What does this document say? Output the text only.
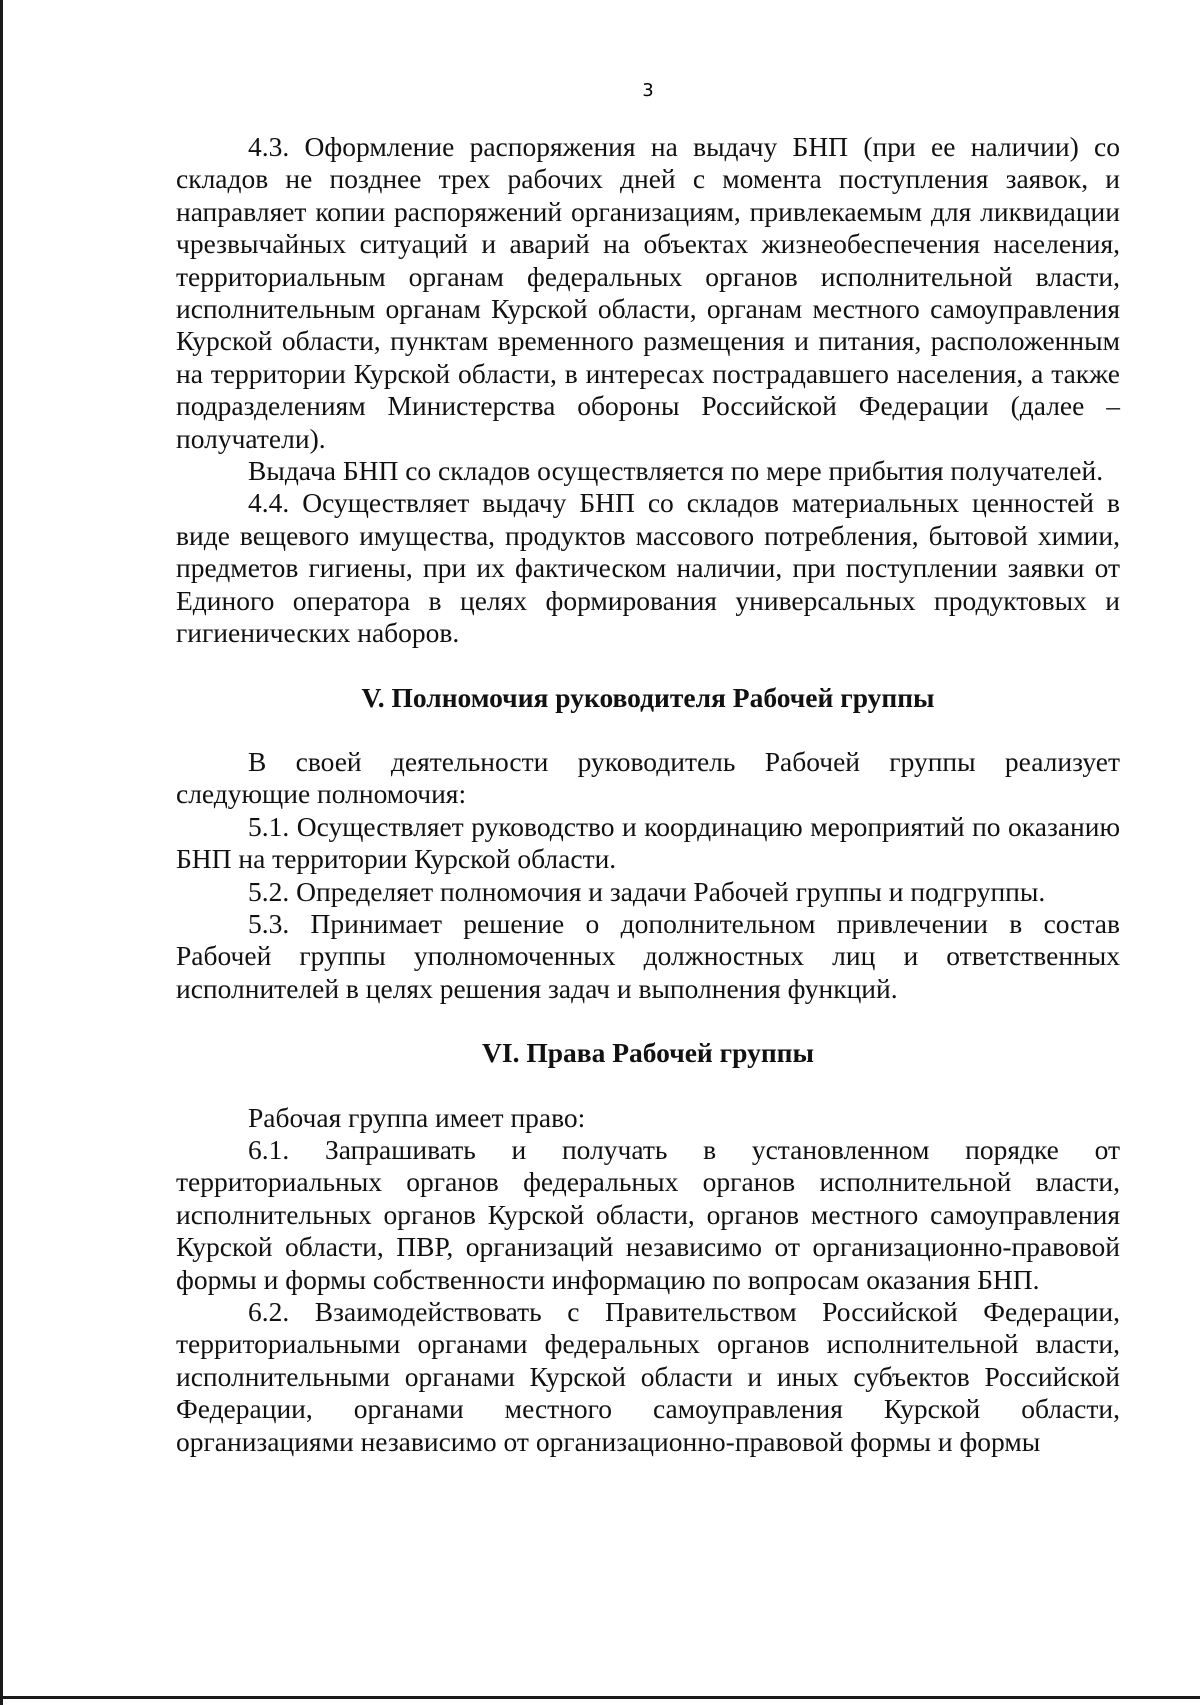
3

4.3. Оформление распоряжения на выдачу БНП (при ее наличии) со складов не позднее трех рабочих дней с момента поступления заявок, и направляет копии распоряжений организациям, привлекаемым для ликвидации чрезвычайных ситуаций и аварий на объектах жизнеобеспечения населения, территориальным органам федеральных органов исполнительной власти, исполнительным органам Курской области, органам местного самоуправления Курской области, пунктам временного размещения и питания, расположенным на территории Курской области, в интересах пострадавшего населения, а также подразделениям Министерства обороны Российской Федерации (далее – получатели).

Выдача БНП со складов осуществляется по мере прибытия получателей.

4.4. Осуществляет выдачу БНП со складов материальных ценностей в виде вещевого имущества, продуктов массового потребления, бытовой химии, предметов гигиены, при их фактическом наличии, при поступлении заявки от Единого оператора в целях формирования универсальных продуктовых и гигиенических наборов.

V. Полномочия руководителя Рабочей группы

В своей деятельности руководитель Рабочей группы реализует следующие полномочия:

5.1. Осуществляет руководство и координацию мероприятий по оказанию БНП на территории Курской области.

5.2. Определяет полномочия и задачи Рабочей группы и подгруппы.

5.3. Принимает решение о дополнительном привлечении в состав Рабочей группы уполномоченных должностных лиц и ответственных исполнителей в целях решения задач и выполнения функций.

VI. Права Рабочей группы

Рабочая группа имеет право:

6.1. Запрашивать и получать в установленном порядке от территориальных органов федеральных органов исполнительной власти, исполнительных органов Курской области, органов местного самоуправления Курской области, ПВР, организаций независимо от организационно-правовой формы и формы собственности информацию по вопросам оказания БНП.

6.2. Взаимодействовать с Правительством Российской Федерации, территориальными органами федеральных органов исполнительной власти, исполнительными органами Курской области и иных субъектов Российской Федерации, органами местного самоуправления Курской области, организациями независимо от организационно-правовой формы и формы
